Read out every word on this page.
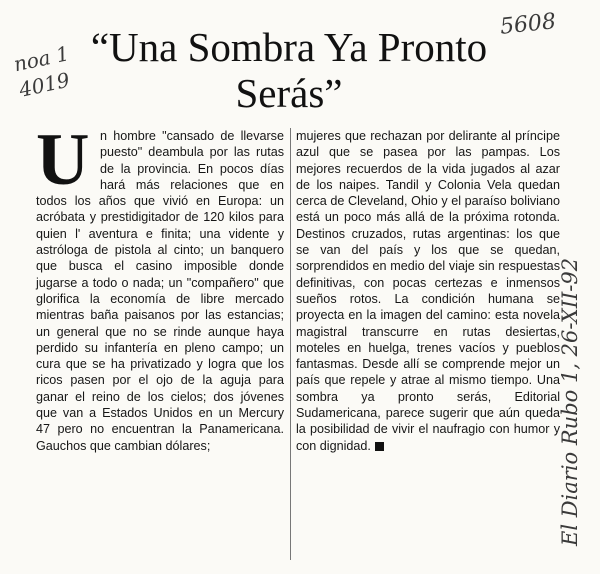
noa 1 4019
5608
El Diario Rubo 1, 26-XII-92
“Una Sombra Ya Pronto Serás”
U n hombre "cansado de llevarse puesto" deambula por las rutas de la provincia. En pocos días hará más relaciones que en todos los años que vivió en Europa: un acróbata y prestidigitador de 120 kilos para quien l' aventura e finita; una vidente y astróloga de pistola al cinto; un banquero que busca el casino imposible donde jugarse a todo o nada; un "compañero" que glorifica la economía de libre mercado mientras baña paisanos por las estancias; un general que no se rinde aunque haya perdido su infantería en pleno campo; un cura que se ha privatizado y logra que los ricos pasen por el ojo de la aguja para ganar el reino de los cielos; dos jóvenes que van a Estados Unidos en un Mercury 47 pero no encuentran la Panamericana. Gauchos que cambian dólares;
mujeres que rechazan por delirante al príncipe azul que se pasea por las pampas. Los mejores recuerdos de la vida jugados al azar de los naipes. Tandil y Colonia Vela quedan cerca de Cleveland, Ohio y el paraíso boliviano está un poco más allá de la próxima rotonda. Destinos cruzados, rutas argentinas: los que se van del país y los que se quedan, sorprendidos en medio del viaje sin respuestas definitivas, con pocas certezas e inmensos sueños rotos. La condición humana se proyecta en la imagen del camino: esta novela magistral transcurre en rutas desiertas, moteles en huelga, trenes vacíos y pueblos fantasmas. Desde allí se comprende mejor un país que repele y atrae al mismo tiempo. Una sombra ya pronto serás, Editorial Sudamericana, parece sugerir que aún queda la posibilidad de vivir el naufragio con humor y con dignidad.
